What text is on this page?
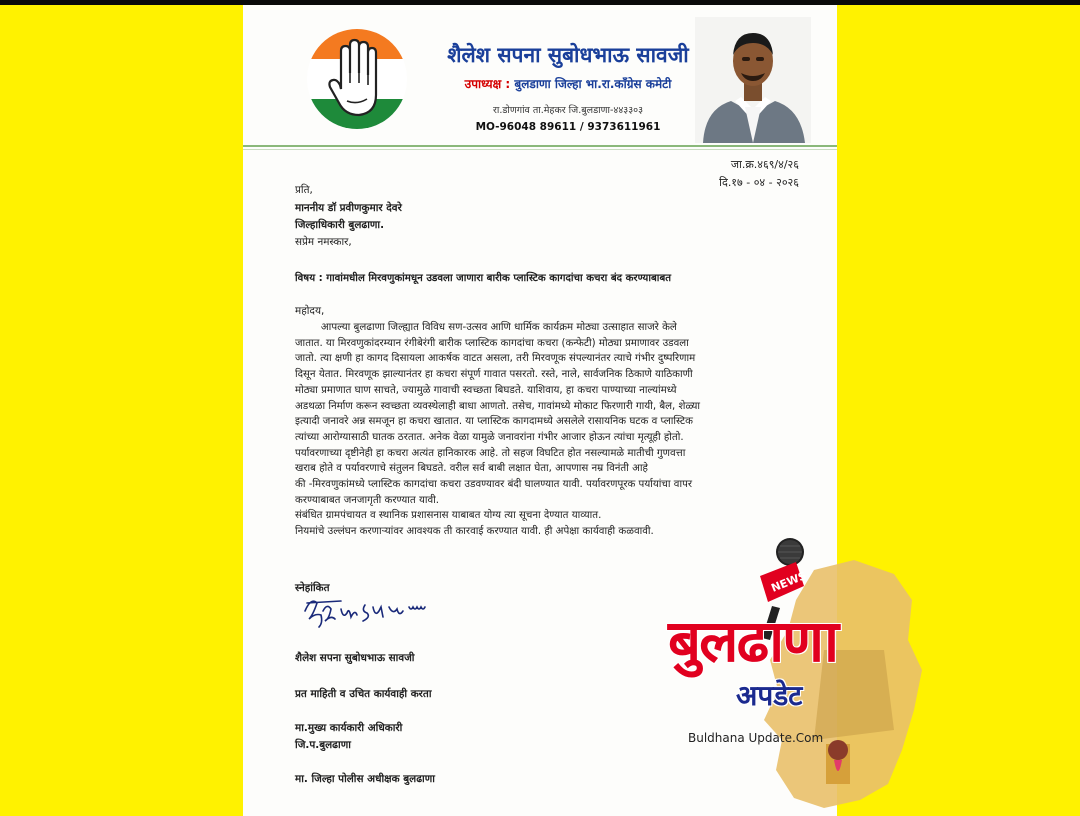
शैलेश सपना सुबोधभाऊ सावजी
उपाध्यक्ष : बुलडाणा जिल्हा भा.रा.कॉंग्रेस कमेटी
रा.डोणगांव ता.मेहकर जि.बुलडाणा-४४३३०३
MO-96048 89611 / 9373611961
जा.क्र.४६९/४/२६
दि.१७ - ०४ - २०२६
प्रति,
माननीय डॉ प्रवीणकुमार देवरे
जिल्हाधिकारी बुलढाणा.
सप्रेम नमस्कार,
विषय : गावांमधील मिरवणुकांमधून उडवला जाणारा बारीक प्लास्टिक कागदांचा कचरा बंद करण्याबाबत
महोदय,
आपल्या बुलढाणा जिल्ह्यात विविध सण-उत्सव आणि धार्मिक कार्यक्रम मोठ्या उत्साहात साजरे केले
जातात. या मिरवणुकांदरम्यान रंगीबेरंगी बारीक प्लास्टिक कागदांचा कचरा (कन्फेटी) मोठ्या प्रमाणावर उडवला
जातो. त्या क्षणी हा कागद दिसायला आकर्षक वाटत असला, तरी मिरवणूक संपल्यानंतर त्याचे गंभीर दुष्परिणाम
दिसून येतात. मिरवणूक झाल्यानंतर हा कचरा संपूर्ण गावात पसरतो. रस्ते, नाले, सार्वजनिक ठिकाणे याठिकाणी
मोठ्या प्रमाणात घाण साचते, ज्यामुळे गावाची स्वच्छता बिघडते. याशिवाय, हा कचरा पाण्याच्या नाल्यांमध्ये
अडथळा निर्माण करून स्वच्छता व्यवस्थेलाही बाधा आणतो. तसेच, गावांमध्ये मोकाट फिरणारी गायी, बैल, शेळ्या
इत्यादी जनावरे अन्न समजून हा कचरा खातात. या प्लास्टिक कागदामध्ये असलेले रासायनिक घटक व प्लास्टिक
त्यांच्या आरोग्यासाठी घातक ठरतात. अनेक वेळा यामुळे जनावरांना गंभीर आजार होऊन त्यांचा मृत्यूही होतो.
पर्यावरणाच्या दृष्टीनेही हा कचरा अत्यंत हानिकारक आहे. तो सहज विघटित होत नसल्यामळे मातीची गुणवत्ता
खराब होते व पर्यावरणाचे संतुलन बिघडते. वरील सर्व बाबी लक्षात घेता, आपणास नम्र विनंती आहे
की -मिरवणुकांमध्ये प्लास्टिक कागदांचा कचरा उडवण्यावर बंदी घालण्यात यावी. पर्यावरणपूरक पर्यायांचा वापर
करण्याबाबत जनजागृती करण्यात यावी.
संबंधित ग्रामपंचायत व स्थानिक प्रशासनास याबाबत योग्य त्या सूचना देण्यात याव्यात.
नियमांचे उल्लंघन करणाऱ्यांवर आवश्यक ती कारवाई करण्यात यावी. ही अपेक्षा कार्यवाही कळवावी.
स्नेहांकित
शैलेश सपना सुबोधभाऊ सावजी
प्रत माहिती व उचित कार्यवाही करता
मा.मुख्य कार्यकारी अधिकारी
जि.प.बुलढाणा
मा. जिल्हा पोलीस अधीक्षक बुलढाणा
NEWS
बुलढाणा
अपडेट
Buldhana Update.Com
